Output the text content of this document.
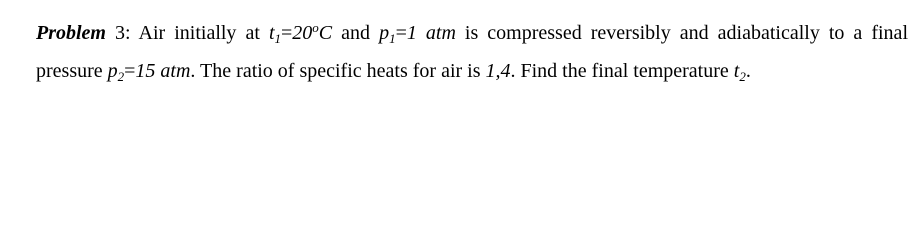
Problem 3: Air initially at $t_1=20^oC$ and $p_1=1$ atm is compressed reversibly and adiabatically to a final pressure $p_2=15$ atm. The ratio of specific heats for air is 1,4. Find the final temperature $t_2$.
